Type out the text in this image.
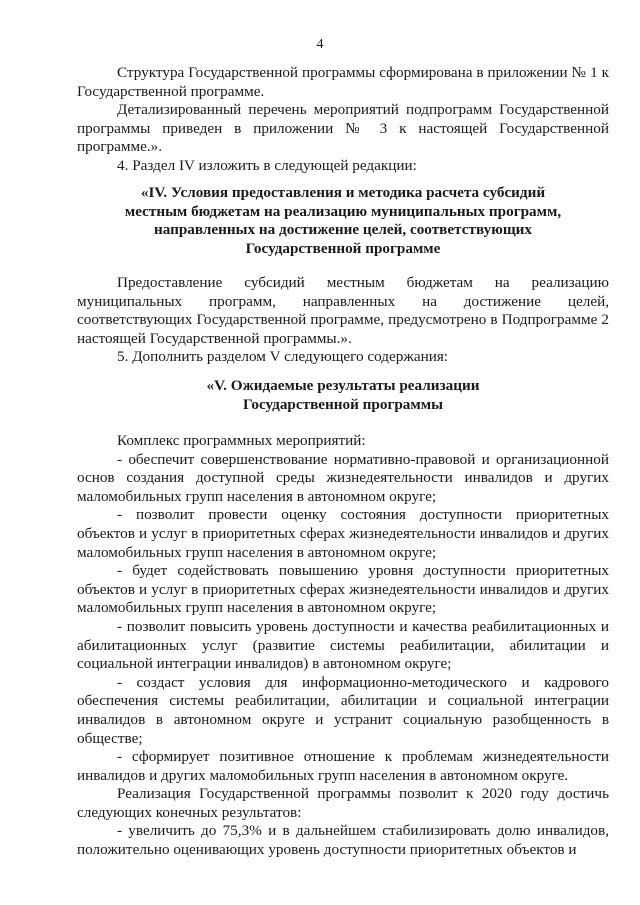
4

Структура Государственной программы сформирована в приложении № 1 к Государственной программе.

Детализированный перечень мероприятий подпрограмм Государственной программы приведен в приложении № 3 к настоящей Государственной программе.».

4. Раздел IV изложить в следующей редакции:

«IV. Условия предоставления и методика расчета субсидий

местным бюджетам на реализацию муниципальных программ,

направленных на достижение целей, соответствующих

Государственной программе

Предоставление субсидий местным бюджетам на реализацию муниципальных программ, направленных на достижение целей, соответствующих Государственной программе, предусмотрено в Подпрограмме 2 настоящей Государственной программы.».

5. Дополнить разделом V следующего содержания:

«V. Ожидаемые результаты реализации

Государственной программы

Комплекс программных мероприятий:

- обеспечит совершенствование нормативно-правовой и организационной основ создания доступной среды жизнедеятельности инвалидов и других маломобильных групп населения в автономном округе;

- позволит провести оценку состояния доступности приоритетных объектов и услуг в приоритетных сферах жизнедеятельности инвалидов и других маломобильных групп населения в автономном округе;

- будет содействовать повышению уровня доступности приоритетных объектов и услуг в приоритетных сферах жизнедеятельности инвалидов и других маломобильных групп населения в автономном округе;

- позволит повысить уровень доступности и качества реабилитационных и абилитационных услуг (развитие системы реабилитации, абилитации и социальной интеграции инвалидов) в автономном округе;

- создаст условия для информационно-методического и кадрового обеспечения системы реабилитации, абилитации и социальной интеграции инвалидов в автономном округе и устранит социальную разобщенность в обществе;

- сформирует позитивное отношение к проблемам жизнедеятельности инвалидов и других маломобильных групп населения в автономном округе.

Реализация Государственной программы позволит к 2020 году достичь следующих конечных результатов:

- увеличить до 75,3% и в дальнейшем стабилизировать долю инвалидов, положительно оценивающих уровень доступности приоритетных объектов и
